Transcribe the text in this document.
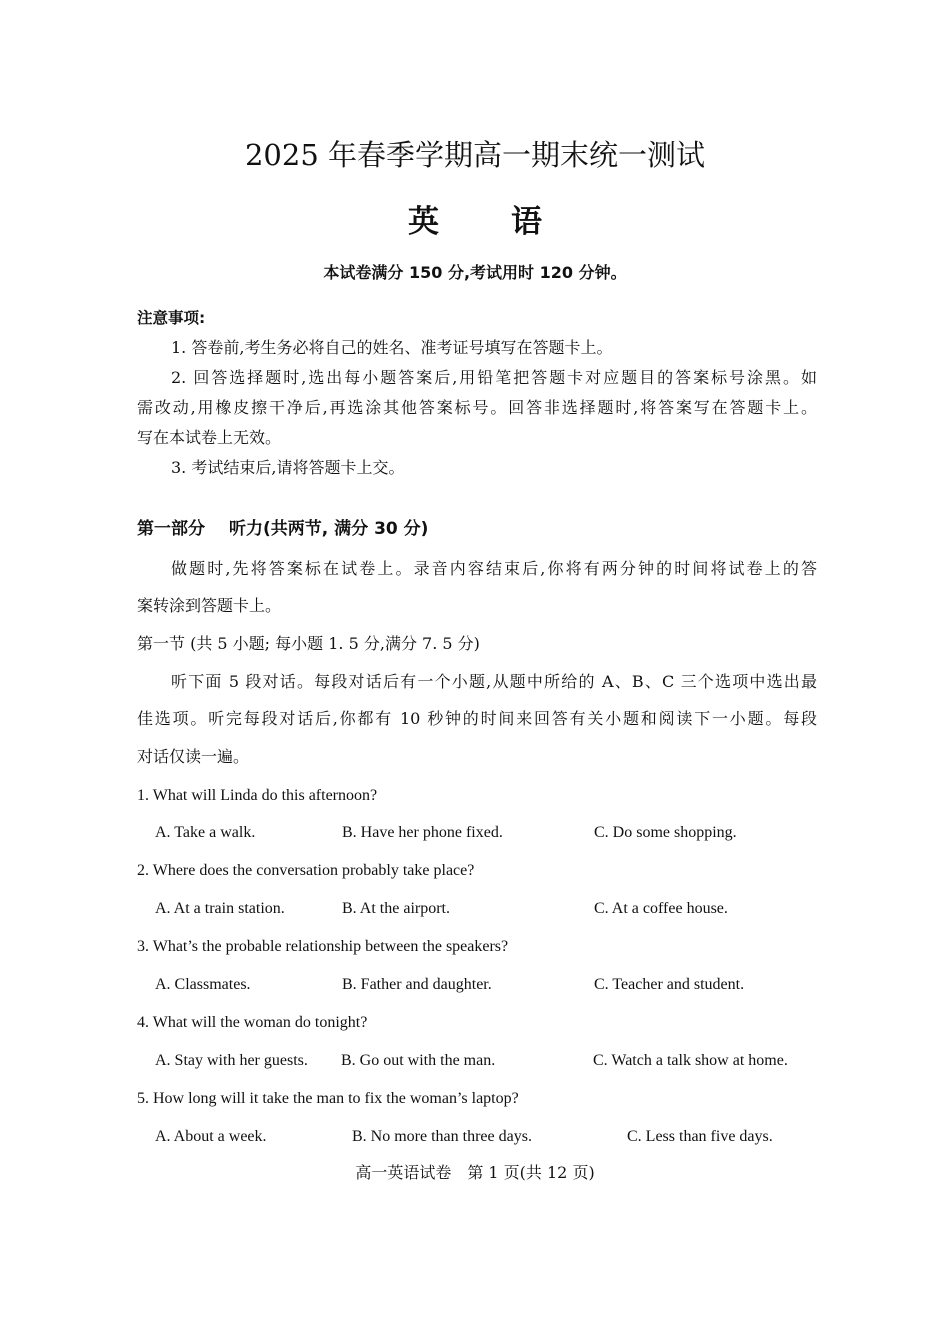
2025 年春季学期高一期末统一测试
英 语
本试卷满分 150 分,考试用时 120 分钟。
注意事项:
1. 答卷前,考生务必将自己的姓名、准考证号填写在答题卡上。
2. 回答选择题时,选出每小题答案后,用铅笔把答题卡对应题目的答案标号涂黑。如
需改动,用橡皮擦干净后,再选涂其他答案标号。回答非选择题时,将答案写在答题卡上。
写在本试卷上无效。
3. 考试结束后,请将答题卡上交。
第一部分 听力(共两节, 满分 30 分)
做题时,先将答案标在试卷上。录音内容结束后,你将有两分钟的时间将试卷上的答
案转涂到答题卡上。
第一节 (共 5 小题; 每小题 1. 5 分,满分 7. 5 分)
听下面 5 段对话。每段对话后有一个小题,从题中所给的 A、B、C 三个选项中选出最
佳选项。听完每段对话后,你都有 10 秒钟的时间来回答有关小题和阅读下一小题。每段
对话仅读一遍。
1. What will Linda do this afternoon?
A. Take a walk.	B. Have her phone fixed.	C. Do some shopping.
2. Where does the conversation probably take place?
A. At a train station.	B. At the airport.	C. At a coffee house.
3. What’s the probable relationship between the speakers?
A. Classmates.	B. Father and daughter.	C. Teacher and student.
4. What will the woman do tonight?
A. Stay with her guests. B. Go out with the man.	C. Watch a talk show at home.
5. How long will it take the man to fix the woman’s laptop?
A. About a week.	B. No more than three days.	C. Less than five days.
高一英语试卷　第 1 页(共 12 页)
